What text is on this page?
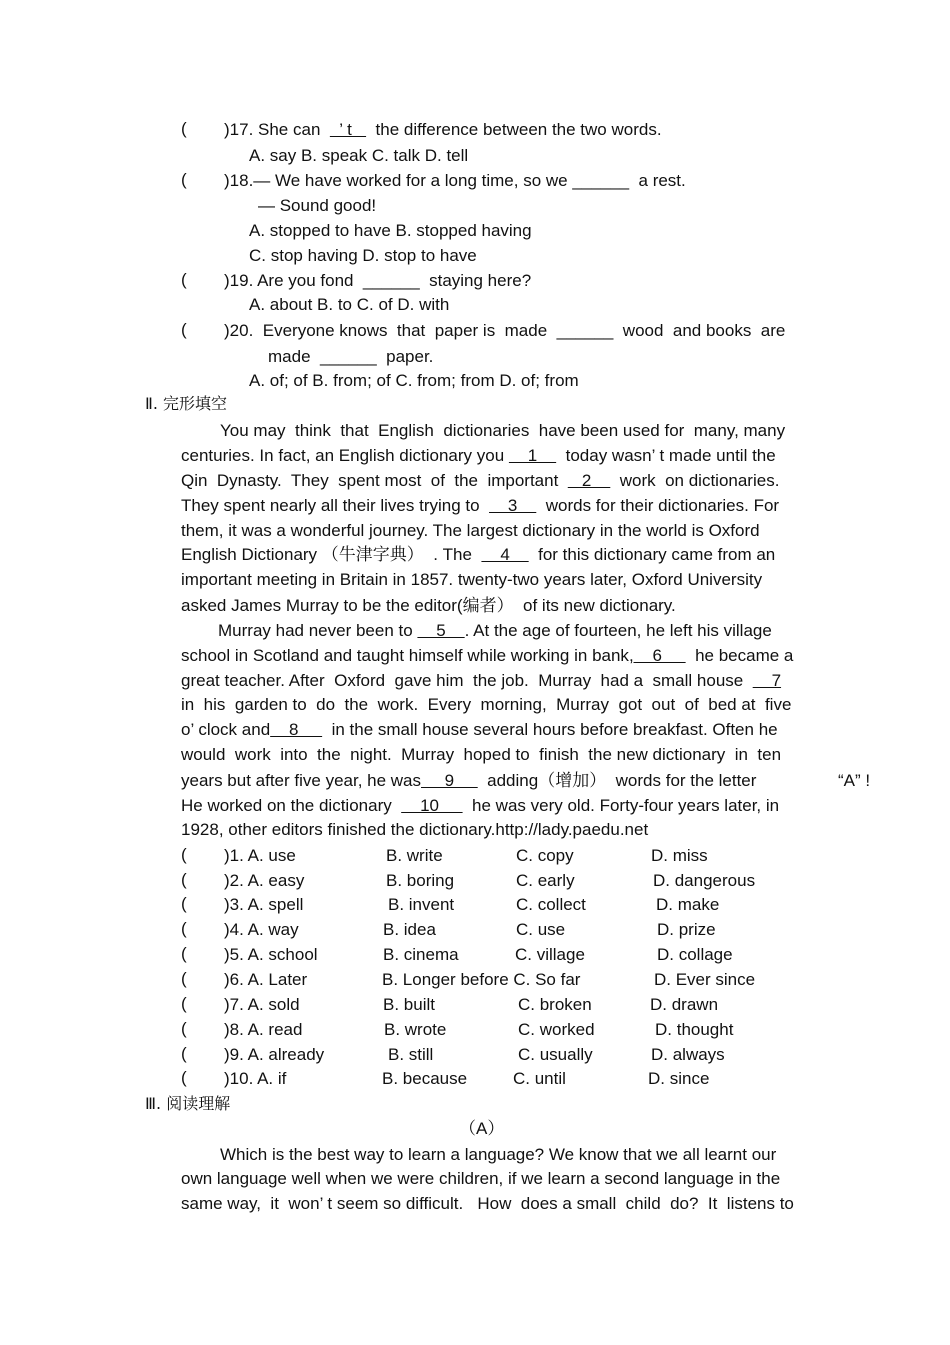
( )17. She can    ’ t     the difference between the two words.
A. say B. speak C. talk D. tell
( )18.— We have worked for a long time, so we ______  a rest.
— Sound good!
A. stopped to have B. stopped having
C. stop having D. stop to have
( )19. Are you fond  ______  staying here?
A. about B. to C. of D. with
( )20.  Everyone knows  that  paper is  made  ______  wood  and books  are
made  ______  paper.
A. of; of B. from; of C. from; from D. of; from
Ⅱ. 完形填空
You may  think  that  English  dictionaries  have been used for  many, many
centuries. In fact, an English dictionary you     1      today wasn’ t made until the
Qin  Dynasty.  They  spent most  of  the  important     2      work  on dictionaries.
They spent nearly all their lives trying to      3      words for their dictionaries. For
them, it was a wonderful journey. The largest dictionary in the world is Oxford
English Dictionary （牛津字典）  . The      4      for this dictionary came from an
important meeting in Britain in 1857. twenty-two years later, Oxford University
asked James Murray to be the editor(编者）  of its new dictionary.
Murray had never been to     5    . At the age of fourteen, he left his village
school in Scotland and taught himself while working in bank,    6       he became a
great teacher. After  Oxford  gave him  the job.  Murray  had a  small house      7
in  his  garden to  do  the  work.  Every  morning,  Murray  got  out  of  bed at  five
o’ clock and    8       in the small house several hours before breakfast. Often he
would  work  into  the  night.  Murray  hoped to  finish  the new dictionary  in  ten
years but after five year, he was     9       adding（增加）  words for the letter	“A” !
He worked on the dictionary      10       he was very old. Forty-four years later, in
1928, other editors finished the dictionary.http://lady.paedu.net
( )1. A. use	B. write	C. copy	D. miss
( )2. A. easy	B. boring	C. early	D. dangerous
( )3. A. spell	B. invent	C. collect	D. make
( )4. A. way	B. idea	C. use	D. prize
( )5. A. school	B. cinema	C. village	D. collage
( )6. A. Later	B. Longer before C. So far	D. Ever since
( )7. A. sold	B. built	C. broken	D. drawn
( )8. A. read	B. wrote	C. worked	D. thought
( )9. A. already	B. still	C. usually	D. always
( )10. A. if	B. because	C. until	D. since
Ⅲ. 阅读理解
（A）
Which is the best way to learn a language? We know that we all learnt our
own language well when we were children, if we learn a second language in the
same way,  it  won’ t seem so difficult.   How  does a small  child  do?  It  listens to
